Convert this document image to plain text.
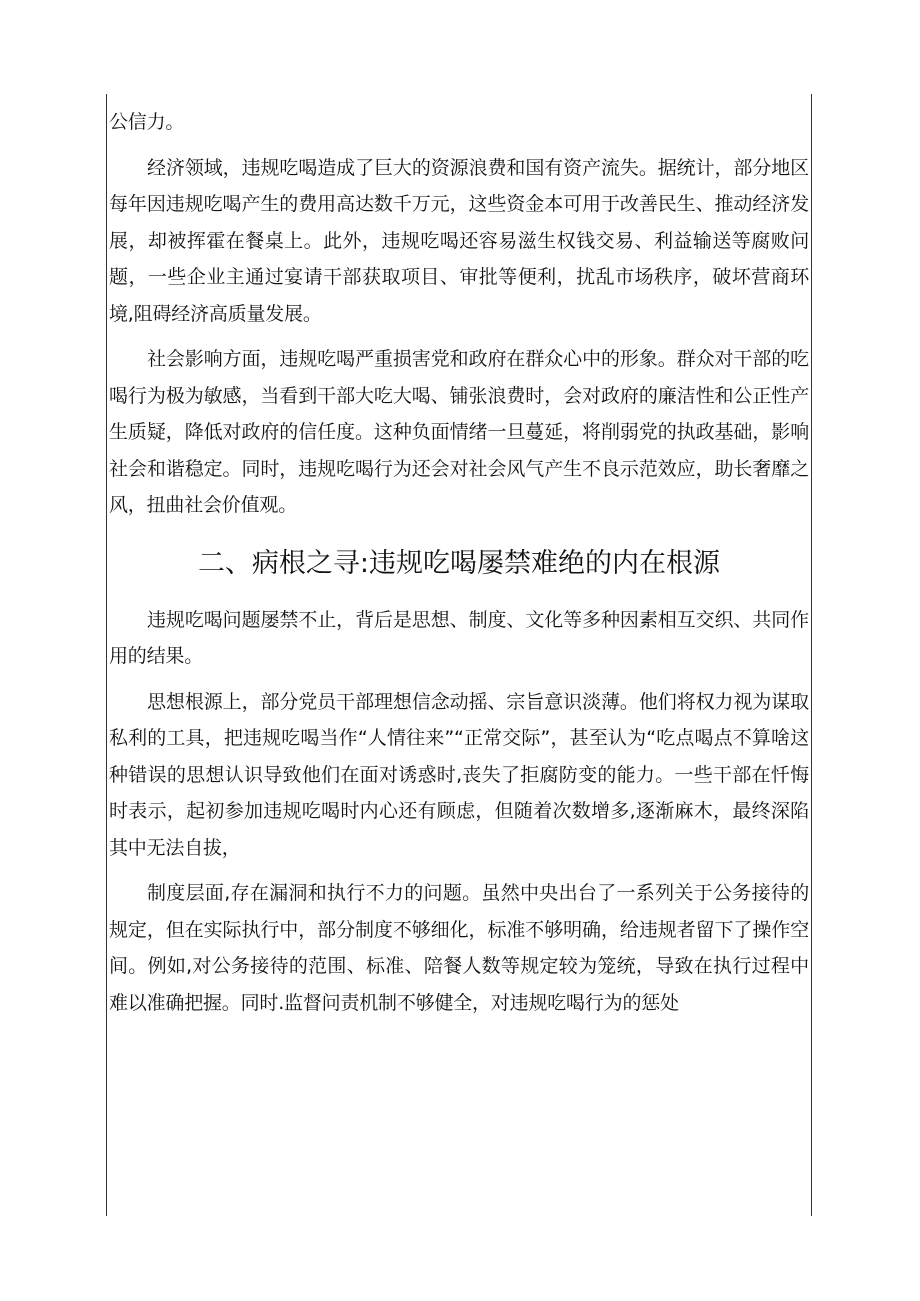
公信力。

经济领域，违规吃喝造成了巨大的资源浪费和国有资产流失。据统计，部分地区每年因违规吃喝产生的费用高达数千万元，这些资金本可用于改善民生、推动经济发展，却被挥霍在餐桌上。此外，违规吃喝还容易滋生权钱交易、利益输送等腐败问题，一些企业主通过宴请干部获取项目、审批等便利，扰乱市场秩序，破坏营商环境,阻碍经济高质量发展。

社会影响方面，违规吃喝严重损害党和政府在群众心中的形象。群众对干部的吃喝行为极为敏感，当看到干部大吃大喝、铺张浪费时，会对政府的廉洁性和公正性产生质疑，降低对政府的信任度。这种负面情绪一旦蔓延，将削弱党的执政基础，影响社会和谐稳定。同时，违规吃喝行为还会对社会风气产生不良示范效应，助长奢靡之风，扭曲社会价值观。

二、病根之寻:违规吃喝屡禁难绝的内在根源

违规吃喝问题屡禁不止，背后是思想、制度、文化等多种因素相互交织、共同作用的结果。

思想根源上，部分党员干部理想信念动摇、宗旨意识淡薄。他们将权力视为谋取私利的工具，把违规吃喝当作“人情往来”“正常交际”，甚至认为“吃点喝点不算啥这种错误的思想认识导致他们在面对诱惑时,丧失了拒腐防变的能力。一些干部在忏悔时表示，起初参加违规吃喝时内心还有顾虑，但随着次数增多,逐渐麻木，最终深陷其中无法自拔，

制度层面,存在漏洞和执行不力的问题。虽然中央出台了一系列关于公务接待的规定，但在实际执行中，部分制度不够细化，标准不够明确，给违规者留下了操作空间。例如,对公务接待的范围、标准、陪餐人数等规定较为笼统，导致在执行过程中难以准确把握。同时.监督问责机制不够健全，对违规吃喝行为的惩处
